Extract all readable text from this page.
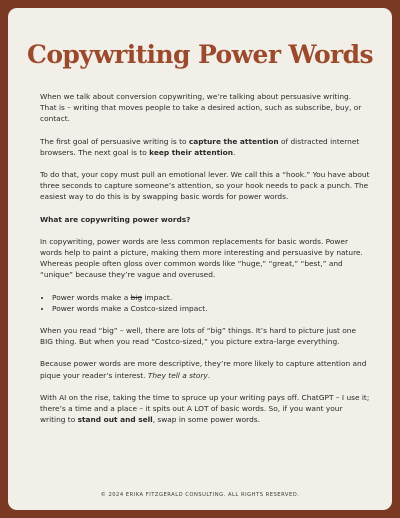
Copywriting Power Words

When we talk about conversion copywriting, we’re talking about persuasive writing. That is – writing that moves people to take a desired action, such as subscribe, buy, or contact.

The first goal of persuasive writing is to capture the attention of distracted internet browsers. The next goal is to keep their attention.

To do that, your copy must pull an emotional lever. We call this a “hook.” You have about three seconds to capture someone’s attention, so your hook needs to pack a punch. The easiest way to do this is by swapping basic words for power words.

What are copywriting power words?

In copywriting, power words are less common replacements for basic words. Power words help to paint a picture, making them more interesting and persuasive by nature. Whereas people often gloss over common words like “huge,” “great,” “best,” and “unique” because they’re vague and overused.

• Power words make a big impact.
• Power words make a Costco-sized impact.

When you read “big” – well, there are lots of “big” things. It’s hard to picture just one BIG thing. But when you read “Costco-sized,” you picture extra-large everything.

Because power words are more descriptive, they’re more likely to capture attention and pique your reader’s interest. They tell a story.

With AI on the rise, taking the time to spruce up your writing pays off. ChatGPT – I use it; there’s a time and a place – it spits out A LOT of basic words. So, if you want your writing to stand out and sell, swap in some power words.

© 2024 ERIKA FITZGERALD CONSULTING. ALL RIGHTS RESERVED.
